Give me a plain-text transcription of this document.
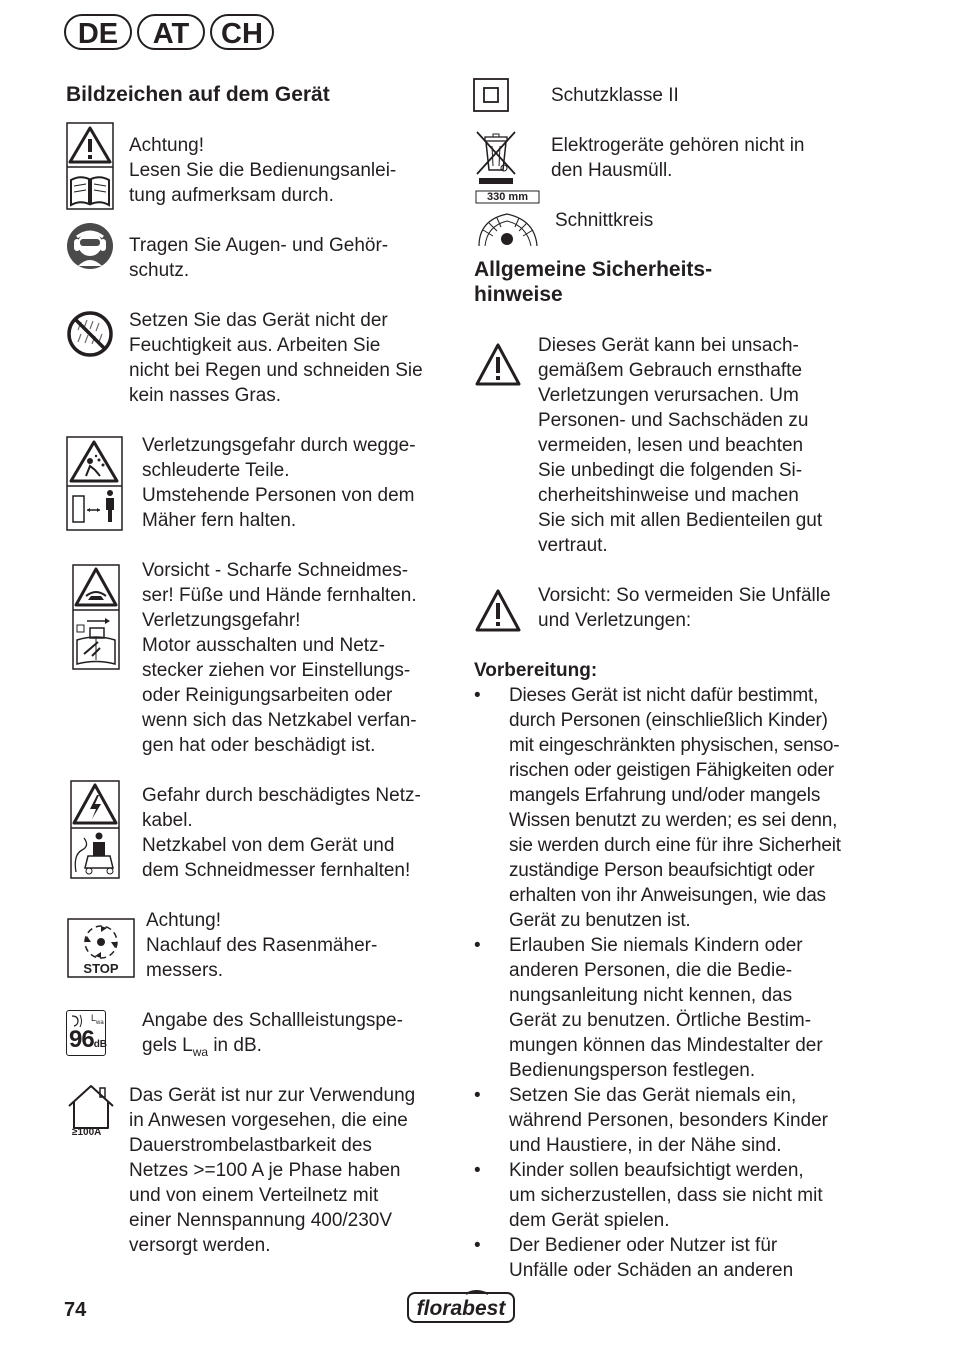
DE	AT	CH
Bildzeichen auf dem Gerät
Achtung!
Lesen Sie die Bedienungsanlei-
tung aufmerksam durch.
Tragen Sie Augen- und Gehör-
schutz.
Setzen Sie das Gerät nicht der
Feuchtigkeit aus. Arbeiten Sie
nicht bei Regen und schneiden Sie
kein nasses Gras.
Verletzungsgefahr durch wegge-
schleuderte Teile.
Umstehende Personen von dem
Mäher fern halten.
Vorsicht - Scharfe Schneidmes-
ser! Füße und Hände fernhalten.
Verletzungsgefahr!
Motor ausschalten und Netz-
stecker ziehen vor Einstellungs-
oder Reinigungsarbeiten oder
wenn sich das Netzkabel verfan-
gen hat oder beschädigt ist.
Gefahr durch beschädigtes Netz-
kabel.
Netzkabel von dem Gerät und
dem Schneidmesser fernhalten!
STOP
Achtung!
Nachlauf des Rasenmäher-
messers.
$L_{wa}$
96dB
Angabe des Schallleistungspe-
gels $L_{wa}$ in dB.
≥100A
Das Gerät ist nur zur Verwendung
in Anwesen vorgesehen, die eine
Dauerstrombelastbarkeit des
Netzes >=100 A je Phase haben
und von einem Verteilnetz mit
einer Nennspannung 400/230V
versorgt werden.
Schutzklasse II
Elektrogeräte gehören nicht in
den Hausmüll.
330 mm
Schnittkreis
Allgemeine Sicherheits-
hinweise
Dieses Gerät kann bei unsach-
gemäßem Gebrauch ernsthafte
Verletzungen verursachen. Um
Personen- und Sachschäden zu
vermeiden, lesen und beachten
Sie unbedingt die folgenden Si-
cherheitshinweise und machen
Sie sich mit allen Bedienteilen gut
vertraut.
Vorsicht: So vermeiden Sie Unfälle
und Verletzungen:
Vorbereitung:
• Dieses Gerät ist nicht dafür bestimmt,
durch Personen (einschließlich Kinder)
mit eingeschränkten physischen, senso-
rischen oder geistigen Fähigkeiten oder
mangels Erfahrung und/oder mangels
Wissen benutzt zu werden; es sei denn,
sie werden durch eine für ihre Sicherheit
zuständige Person beaufsichtigt oder
erhalten von ihr Anweisungen, wie das
Gerät zu benutzen ist.
• Erlauben Sie niemals Kindern oder
anderen Personen, die die Bedie-
nungsanleitung nicht kennen, das
Gerät zu benutzen. Örtliche Bestim-
mungen können das Mindestalter der
Bedienungsperson festlegen.
• Setzen Sie das Gerät niemals ein,
während Personen, besonders Kinder
und Haustiere, in der Nähe sind.
• Kinder sollen beaufsichtigt werden,
um sicherzustellen, dass sie nicht mit
dem Gerät spielen.
• Der Bediener oder Nutzer ist für
Unfälle oder Schäden an anderen
74	florabest
